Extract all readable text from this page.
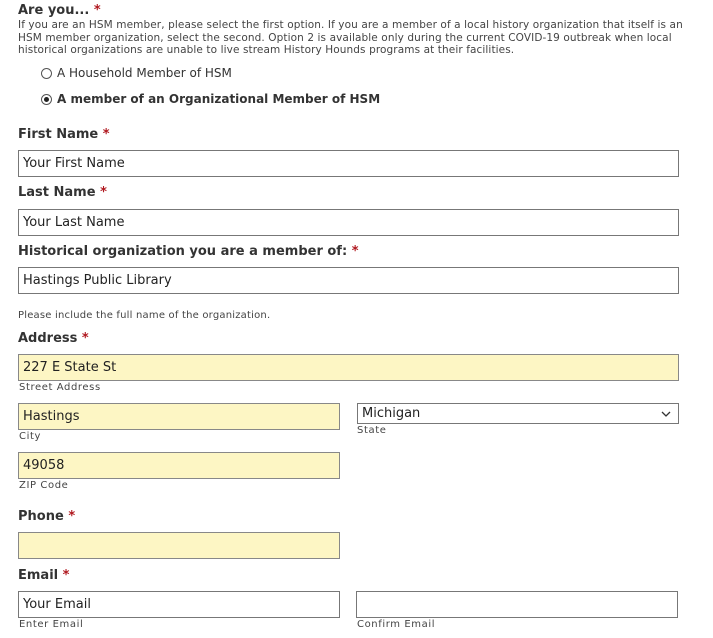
Are you... *
If you are an HSM member, please select the first option. If you are a member of a local history organization that itself is an HSM member organization, select the second. Option 2 is available only during the current COVID-19 outbreak when local historical organizations are unable to live stream History Hounds programs at their facilities.
A Household Member of HSM
A member of an Organizational Member of HSM
First Name *
Your First Name
Last Name *
Your Last Name
Historical organization you are a member of: *
Hastings Public Library
Please include the full name of the organization.
Address *
227 E State St
Street Address
Hastings
City
Michigan
State
49058
ZIP Code
Phone *
Email *
Your Email
Enter Email	Confirm Email
